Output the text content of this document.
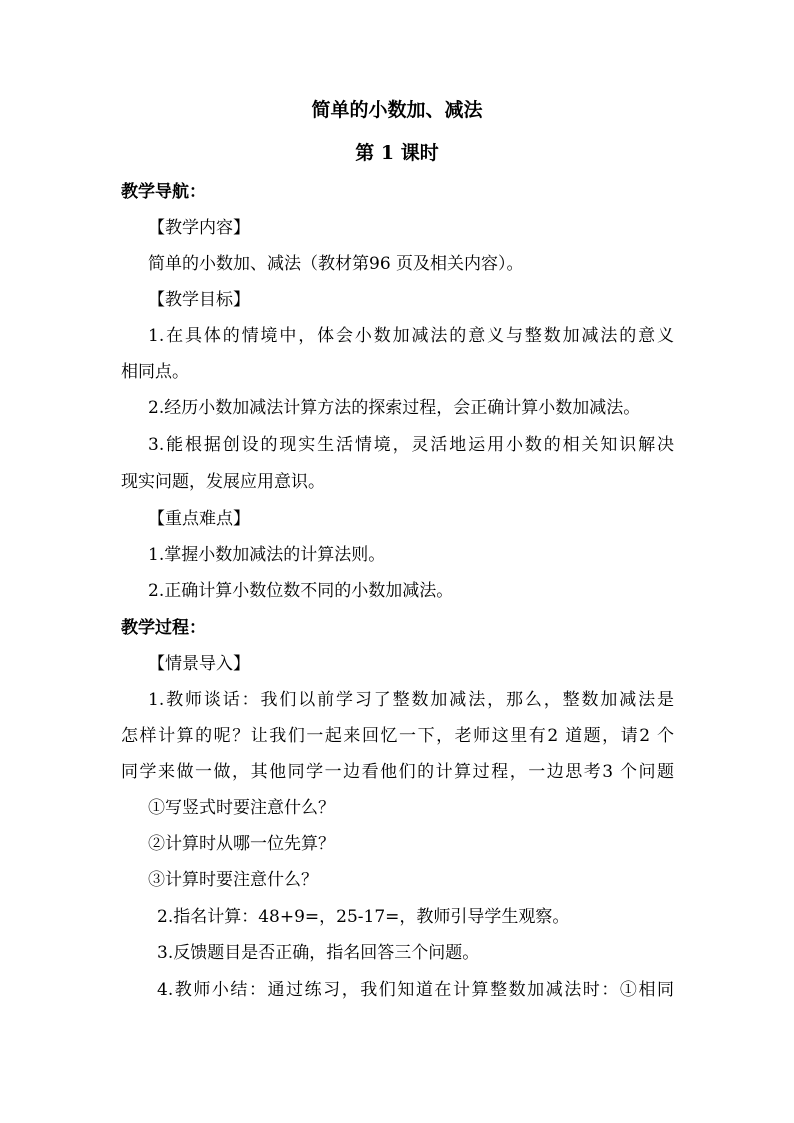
简单的小数加、减法
第 1 课时
教学导航：
【教学内容】
简单的小数加、减法（教材第96 页及相关内容）。
【教学目标】
1.在具体的情境中，体会小数加减法的意义与整数加减法的意义
相同点。
2.经历小数加减法计算方法的探索过程，会正确计算小数加减法。
3.能根据创设的现实生活情境，灵活地运用小数的相关知识解决
现实问题，发展应用意识。
【重点难点】
1.掌握小数加减法的计算法则。
2.正确计算小数位数不同的小数加减法。
教学过程：
【情景导入】
1.教师谈话：我们以前学习了整数加减法，那么，整数加减法是
怎样计算的呢？让我们一起来回忆一下，老师这里有2 道题，请2 个
同学来做一做，其他同学一边看他们的计算过程，一边思考3 个问题
①写竖式时要注意什么？
②计算时从哪一位先算？
③计算时要注意什么？
2.指名计算：48+9=，25-17=，教师引导学生观察。
3.反馈题目是否正确，指名回答三个问题。
4.教师小结：通过练习，我们知道在计算整数加减法时：①相同
